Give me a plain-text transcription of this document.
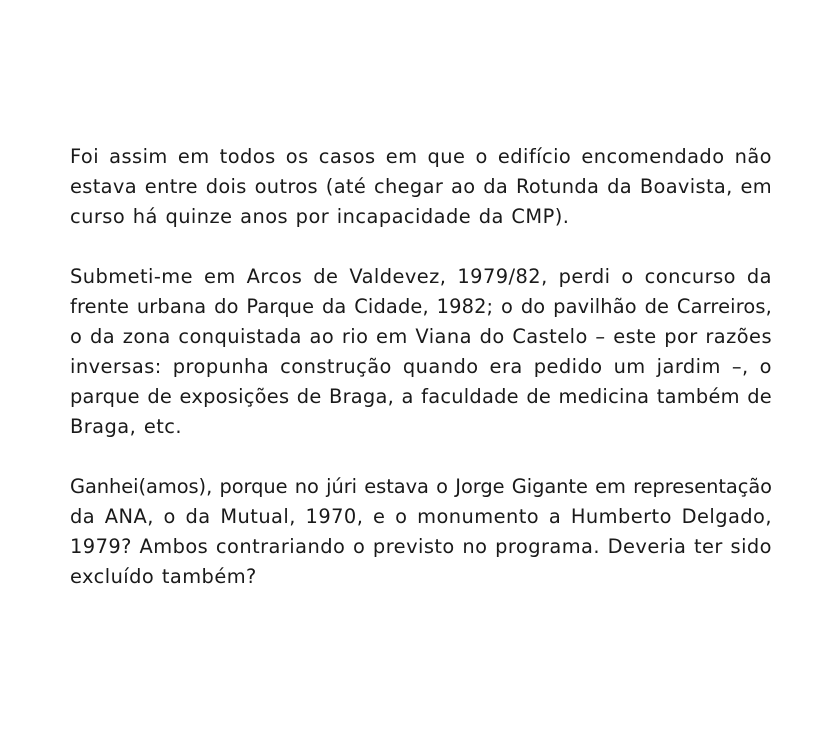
Foi assim em todos os casos em que o edifício encomendado não
estava entre dois outros (até chegar ao da Rotunda da Boavista, em
curso há quinze anos por incapacidade da CMP).

Submeti-me em Arcos de Valdevez, 1979/82, perdi o concurso da
frente urbana do Parque da Cidade, 1982; o do pavilhão de Carreiros,
o da zona conquistada ao rio em Viana do Castelo – este por razões
inversas: propunha construção quando era pedido um jardim –, o
parque de exposições de Braga, a faculdade de medicina também de
Braga, etc.

Ganhei(amos), porque no júri estava o Jorge Gigante em representação
da ANA, o da Mutual, 1970, e o monumento a Humberto Delgado,
1979? Ambos contrariando o previsto no programa. Deveria ter sido
excluído também?
